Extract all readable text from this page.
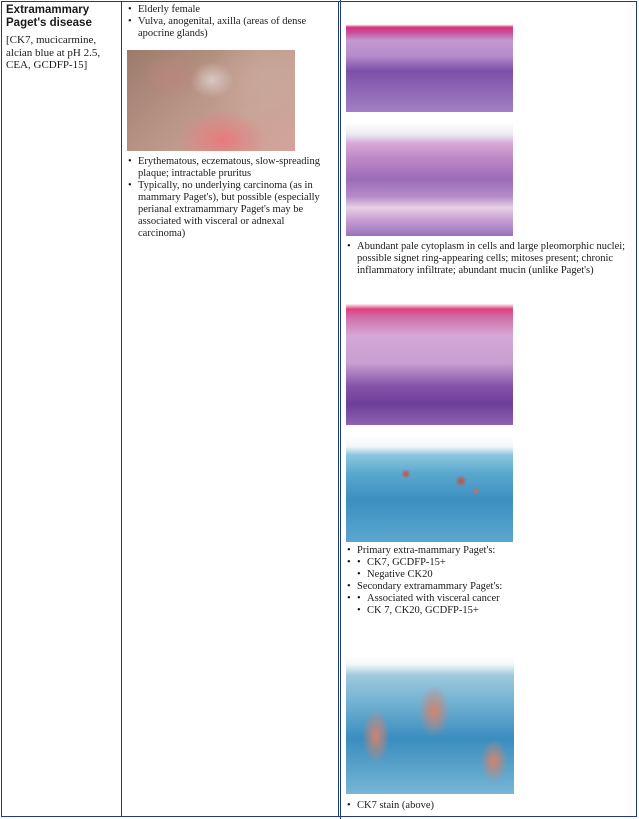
Extramammary Paget's disease
[CK7, mucicarmine, alcian blue at pH 2.5, CEA, GCDFP-15]
• Elderly female
• Vulva, anogenital, axilla (areas of dense apocrine glands)
• Erythematous, eczematous, slow-spreading plaque; intractable pruritus
• Typically, no underlying carcinoma (as in mammary Paget's), but possible (especially perianal extramammary Paget's may be associated with visceral or adnexal carcinoma)
• Abundant pale cytoplasm in cells and large pleomorphic nuclei; possible signet ring-appearing cells; mitoses present; chronic inflammatory infiltrate; abundant mucin (unlike Paget's)
• Primary extra-mammary Paget's:
• • CK7, GCDFP-15+
• Negative CK20
• Secondary extramammary Paget's:
• • Associated with visceral cancer
• CK 7, CK20, GCDFP-15+
• CK7 stain (above)
